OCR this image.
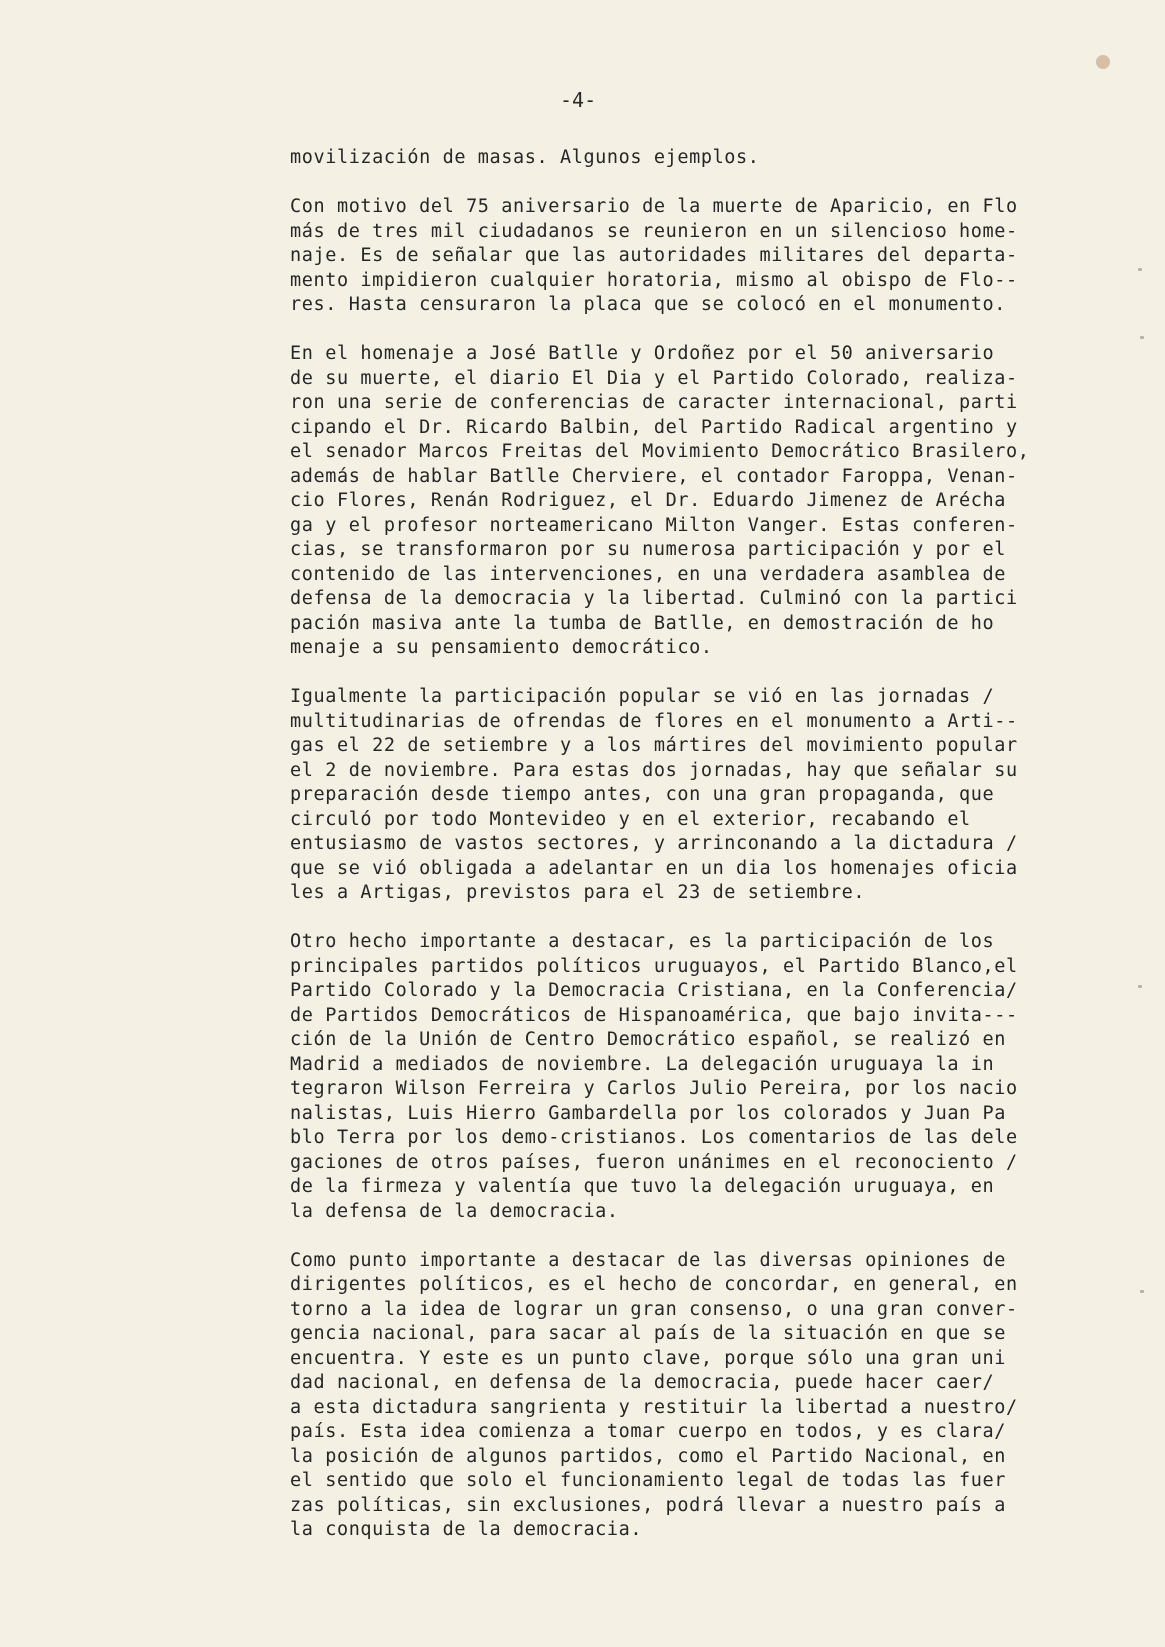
-4-
movilización de masas. Algunos ejemplos.
Con motivo del 75 aniversario de la muerte de Aparicio, en Flo
más de tres mil ciudadanos se reunieron en un silencioso home-
naje. Es de señalar que las autoridades militares del departa-
mento impidieron cualquier horatoria, mismo al obispo de Flo--
res. Hasta censuraron la placa que se colocó en el monumento.
En el homenaje a José Batlle y Ordoñez por el 50 aniversario
de su muerte, el diario El Dia y el Partido Colorado, realiza-
ron una serie de conferencias de caracter internacional, parti
cipando el Dr. Ricardo Balbin, del Partido Radical argentino y
el senador Marcos Freitas del Movimiento Democrático Brasilero,
además de hablar Batlle Cherviere, el contador Faroppa, Venan-
cio Flores, Renán Rodriguez, el Dr. Eduardo Jimenez de Arécha
ga y el profesor norteamericano Milton Vanger. Estas conferen-
cias, se transformaron por su numerosa participación y por el
contenido de las intervenciones, en una verdadera asamblea de
defensa de la democracia y la libertad. Culminó con la partici
pación masiva ante la tumba de Batlle, en demostración de ho
menaje a su pensamiento democrático.
Igualmente la participación popular se vió en las jornadas /
multitudinarias de ofrendas de flores en el monumento a Arti--
gas el 22 de setiembre y a los mártires del movimiento popular
el 2 de noviembre. Para estas dos jornadas, hay que señalar su
preparación desde tiempo antes, con una gran propaganda, que
circuló por todo Montevideo y en el exterior, recabando el
entusiasmo de vastos sectores, y arrinconando a la dictadura /
que se vió obligada a adelantar en un dia los homenajes oficia
les a Artigas, previstos para el 23 de setiembre.
Otro hecho importante a destacar, es la participación de los
principales partidos políticos uruguayos, el Partido Blanco,el
Partido Colorado y la Democracia Cristiana, en la Conferencia/
de Partidos Democráticos de Hispanoamérica, que bajo invita---
ción de la Unión de Centro Democrático español, se realizó en
Madrid a mediados de noviembre. La delegación uruguaya la in
tegraron Wilson Ferreira y Carlos Julio Pereira, por los nacio
nalistas, Luis Hierro Gambardella por los colorados y Juan Pa
blo Terra por los demo-cristianos. Los comentarios de las dele
gaciones de otros países, fueron unánimes en el reconociento /
de la firmeza y valentía que tuvo la delegación uruguaya, en
la defensa de la democracia.
Como punto importante a destacar de las diversas opiniones de
dirigentes políticos, es el hecho de concordar, en general, en
torno a la idea de lograr un gran consenso, o una gran conver-
gencia nacional, para sacar al país de la situación en que se
encuentra. Y este es un punto clave, porque sólo una gran uni
dad nacional, en defensa de la democracia, puede hacer caer/
a esta dictadura sangrienta y restituir la libertad a nuestro/
país. Esta idea comienza a tomar cuerpo en todos, y es clara/
la posición de algunos partidos, como el Partido Nacional, en
el sentido que solo el funcionamiento legal de todas las fuer
zas políticas, sin exclusiones, podrá llevar a nuestro país a
la conquista de la democracia.
